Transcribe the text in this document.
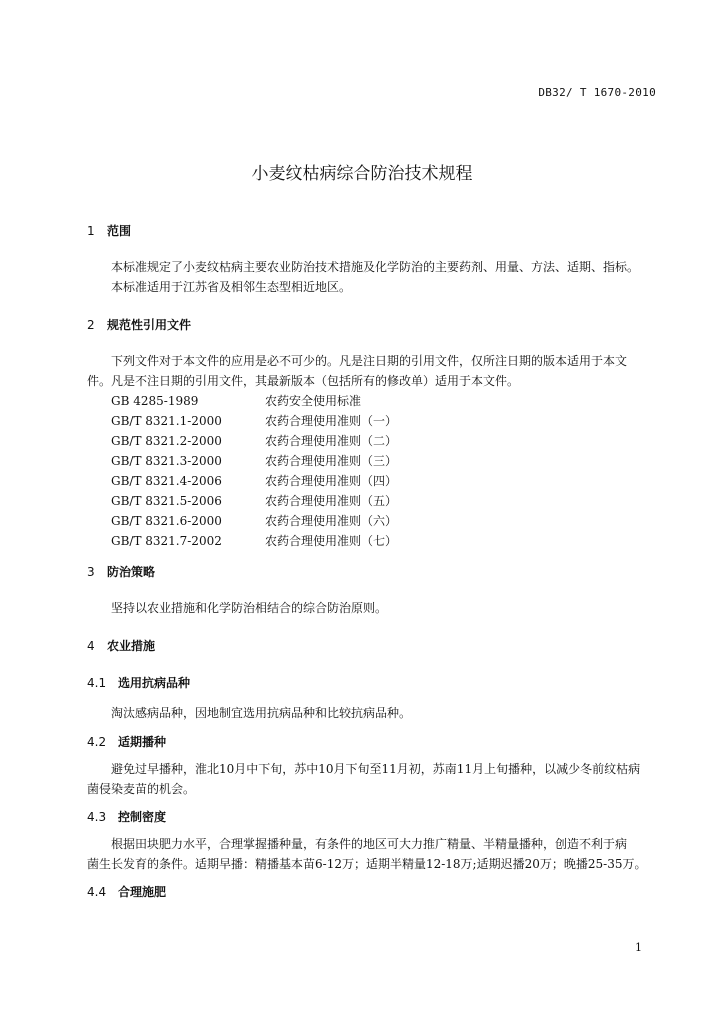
DB32/ T 1670-2010
小麦纹枯病综合防治技术规程
1 范围
本标准规定了小麦纹枯病主要农业防治技术措施及化学防治的主要药剂、用量、方法、适期、指标。
本标准适用于江苏省及相邻生态型相近地区。
2 规范性引用文件
下列文件对于本文件的应用是必不可少的。凡是注日期的引用文件，仅所注日期的版本适用于本文
件。凡是不注日期的引用文件，其最新版本（包括所有的修改单）适用于本文件。
GB 4285-1989	农药安全使用标准
GB/T 8321.1-2000	农药合理使用准则（一）
GB/T 8321.2-2000	农药合理使用准则（二）
GB/T 8321.3-2000	农药合理使用准则（三）
GB/T 8321.4-2006	农药合理使用准则（四）
GB/T 8321.5-2006	农药合理使用准则（五）
GB/T 8321.6-2000	农药合理使用准则（六）
GB/T 8321.7-2002	农药合理使用准则（七）
3 防治策略
坚持以农业措施和化学防治相结合的综合防治原则。
4 农业措施
4.1 选用抗病品种
淘汰感病品种，因地制宜选用抗病品种和比较抗病品种。
4.2 适期播种
避免过早播种，淮北10月中下旬，苏中10月下旬至11月初，苏南11月上旬播种，以减少冬前纹枯病
菌侵染麦苗的机会。
4.3 控制密度
根据田块肥力水平，合理掌握播种量，有条件的地区可大力推广精量、半精量播种，创造不利于病
菌生长发育的条件。适期早播：精播基本苗6-12万；适期半精量12-18万;适期迟播20万；晚播25-35万。
4.4 合理施肥
1
